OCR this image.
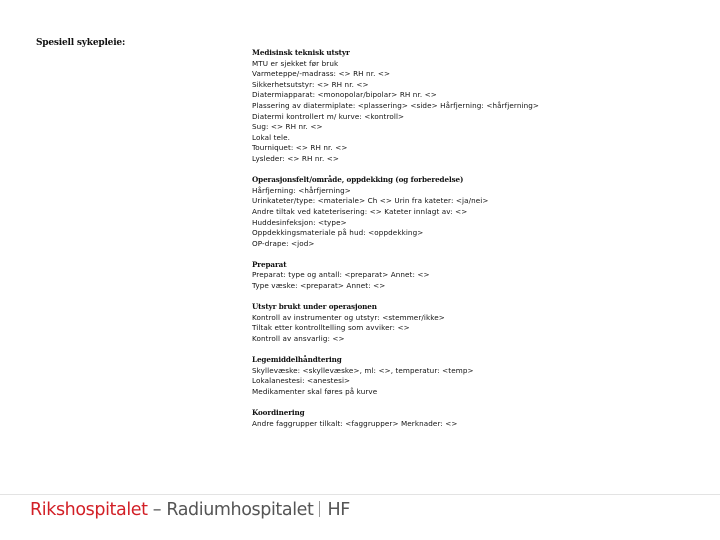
Spesiell sykepleie:
Medisinsk teknisk utstyr
MTU er sjekket før bruk
Varmeteppe/-madrass: <> RH nr. <>
Sikkerhetsutstyr: <> RH nr. <>
Diatermiapparat: <monopolar/bipolar> RH nr. <>
Plassering av diatermiplate: <plassering> <side> Hårfjerning: <hårfjerning>
Diatermi kontrollert m/ kurve: <kontroll>
Sug: <> RH nr. <>
Lokal tele.
Tourniquet: <> RH nr. <>
Lysleder: <> RH nr. <>
Operasjonsfelt/område, oppdekking (og forberedelse)
Hårfjerning: <hårfjerning>
Urinkateter/type: <materiale> Ch <> Urin fra kateter: <ja/nei>
Andre tiltak ved kateterisering: <> Kateter innlagt av: <>
Huddesinfeksjon: <type>
Oppdekkingsmateriale på hud: <oppdekking>
OP-drape: <jod>
Preparat
Preparat: type og antall: <preparat> Annet: <>
Type væske: <preparat> Annet: <>
Utstyr brukt under operasjonen
Kontroll av instrumenter og utstyr: <stemmer/ikke>
Tiltak etter kontrolltelling som avviker: <>
Kontroll av ansvarlig: <>
Legemiddelhåndtering
Skyllevæske: <skyllevæske>, ml: <>, temperatur: <temp>
Lokalanestesi: <anestesi>
Medikamenter skal føres på kurve
Koordinering
Andre faggrupper tilkalt: <faggrupper> Merknader: <>
Rikshospitalet – Radiumhospitalet HF
